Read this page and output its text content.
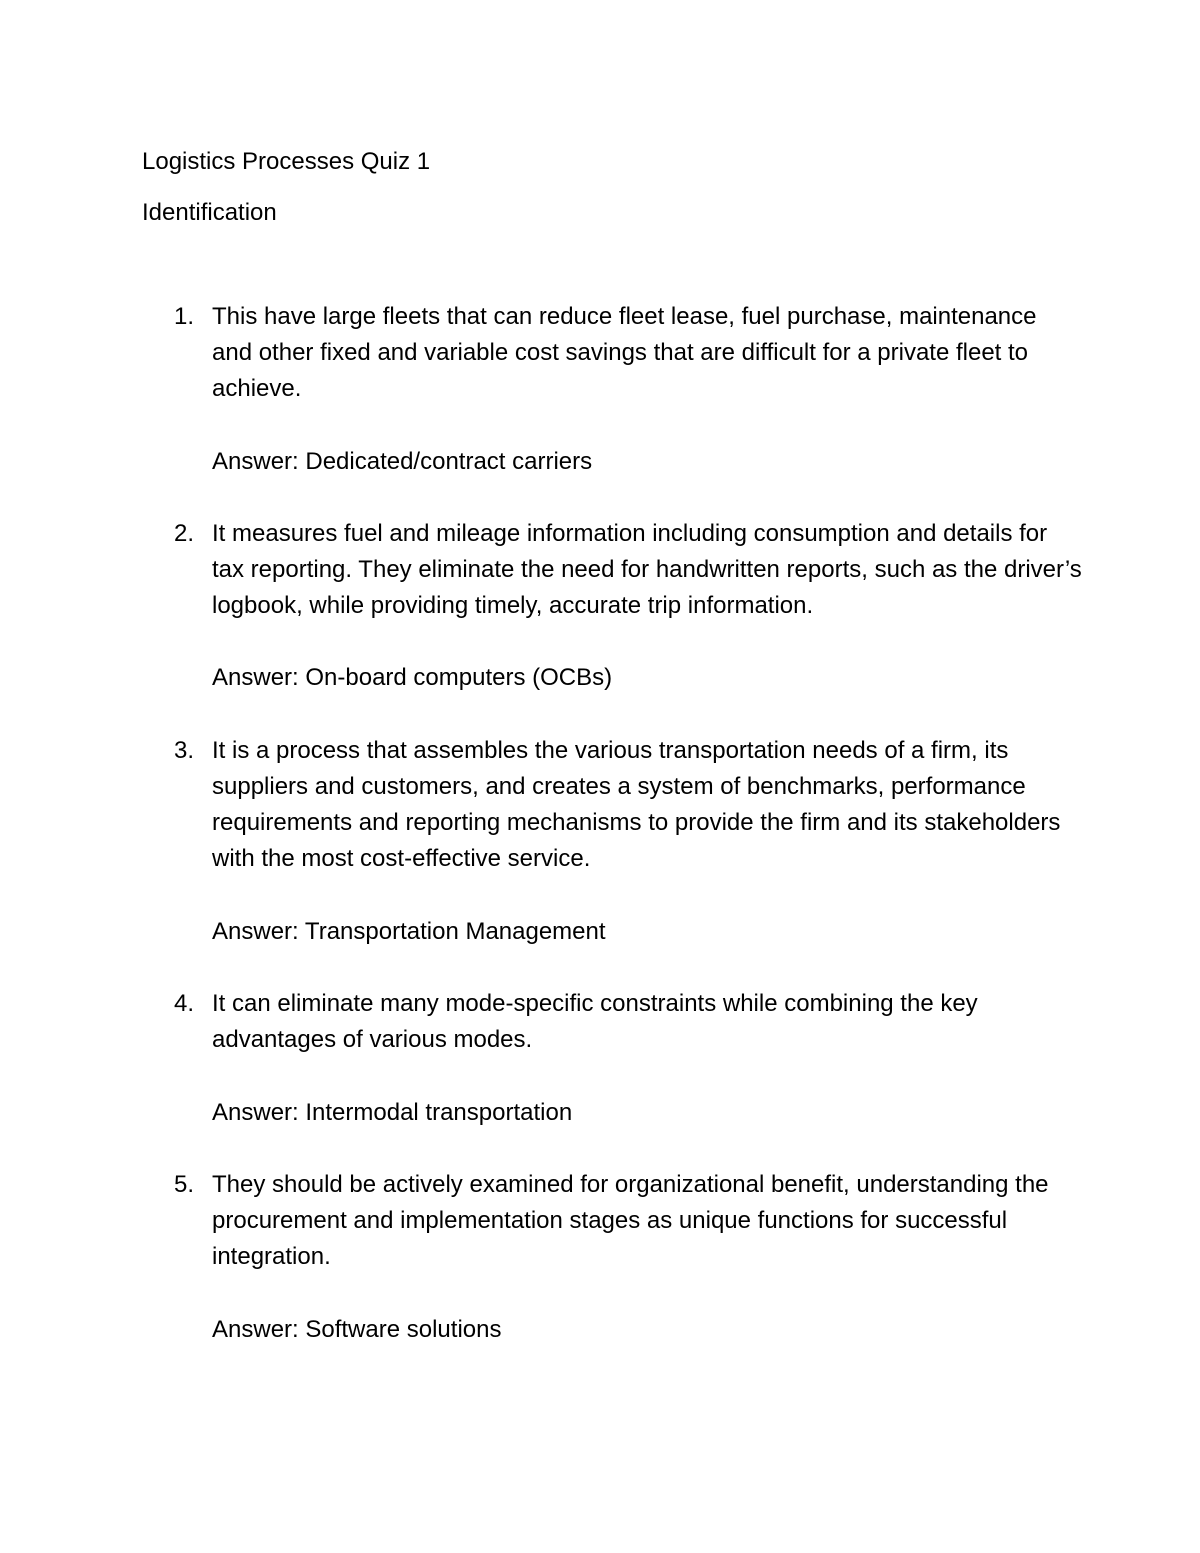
Logistics Processes Quiz 1
Identification
1. This have large fleets that can reduce fleet lease, fuel purchase, maintenance and other fixed and variable cost savings that are difficult for a private fleet to achieve.

Answer: Dedicated/contract carriers

2. It measures fuel and mileage information including consumption and details for tax reporting. They eliminate the need for handwritten reports, such as the driver’s logbook, while providing timely, accurate trip information.

Answer: On-board computers (OCBs)

3. It is a process that assembles the various transportation needs of a firm, its suppliers and customers, and creates a system of benchmarks, performance requirements and reporting mechanisms to provide the firm and its stakeholders with the most cost-effective service.

Answer: Transportation Management

4. It can eliminate many mode-specific constraints while combining the key advantages of various modes.

Answer: Intermodal transportation

5. They should be actively examined for organizational benefit, understanding the procurement and implementation stages as unique functions for successful integration.

Answer: Software solutions
